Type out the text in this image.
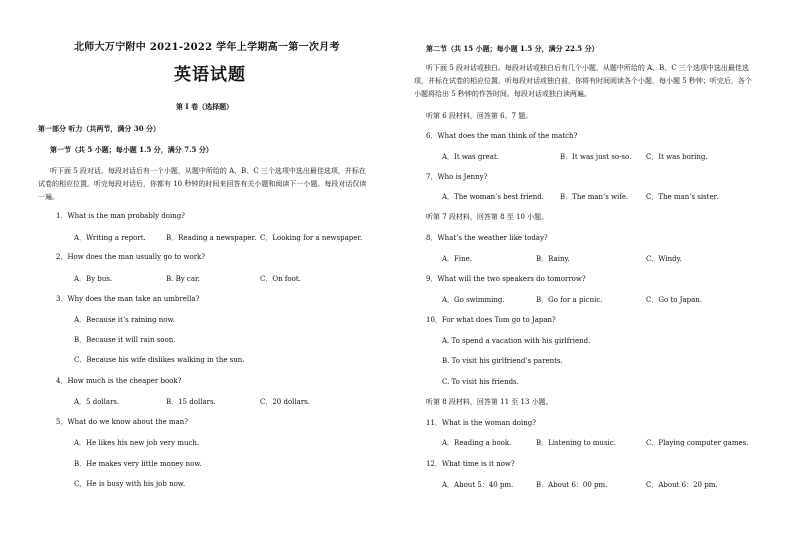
北师大万宁附中 2021-2022 学年上学期高一第一次月考
英语试题
第 I 卷（选择题）
第一部分 听力（共两节，满分 30 分）
第一节（共 5 小题；每小题 1.5 分，满分 7.5 分）
听下面 5 段对话。每段对话后有一个小题，从题中所给的 A、B、C 三个选项中选出最佳选项，并标在试卷的相应位置。听完每段对话后，你都有 10 秒钟的时间来回答有关小题和阅读下一小题。每段对话仅读一遍。
1．What is the man probably doing?
A．Writing a report.	B．Reading a newspaper. C．Looking for a newspaper.
2．How does the man usually go to work?
A．By bus.	B. By car.	C．On foot.
3．Why does the man take an umbrella?
A．Because it’s raining now.
B．Because it will rain soon.
C．Because his wife dislikes walking in the sun.
4．How much is the cheaper book?
A．5 dollars.	B．15 dollars.	C．20 dollars.
5．What do we know about the man?
A．He likes his new job very much.
B．He makes very little money now.
C．He is busy with his job now.
第二节（共 15 小题；每小题 1.5 分，满分 22.5 分）
听下面 5 段对话或独白。每段对话或独白后有几个小题，从题中所给的 A、B、C 三个选项中选出最佳选项，并标在试卷的相应位置。听每段对话或独白前，你将有时间阅读各个小题，每小题 5 秒钟；听完后，各个小题将给出 5 秒钟的作答时间。每段对话或独白读两遍。
听第 6 段材料，回答第 6、7 题。
6．What does the man think of the match?
A．It was great.	B．It was just so-so. C．It was boring.
7．Who is Jenny?
A．The woman’s best friend. B．The man’s wife.	C．The man’s sister.
听第 7 段材料，回答第 8 至 10 小题。
8．What’s the weather like today?
A．Fine.	B．Rainy.	C．Windy.
9．What will the two speakers do tomorrow?
A．Go swimming.	B．Go for a picnic.	C．Go to Japan.
10．For what does Tom go to Japan?
A. To spend a vacation with his girlfriend.
B. To visit his girlfriend’s parents.
C. To visit his friends.
听第 8 段材料，回答第 11 至 13 小题。
11．What is the woman doing?
A．Reading a book.	B．Listening to music.	C．Playing computer games.
12．What time is it now?
A．About 5：40 pm.	B．About 6：00 pm.	C．About 6：20 pm.
